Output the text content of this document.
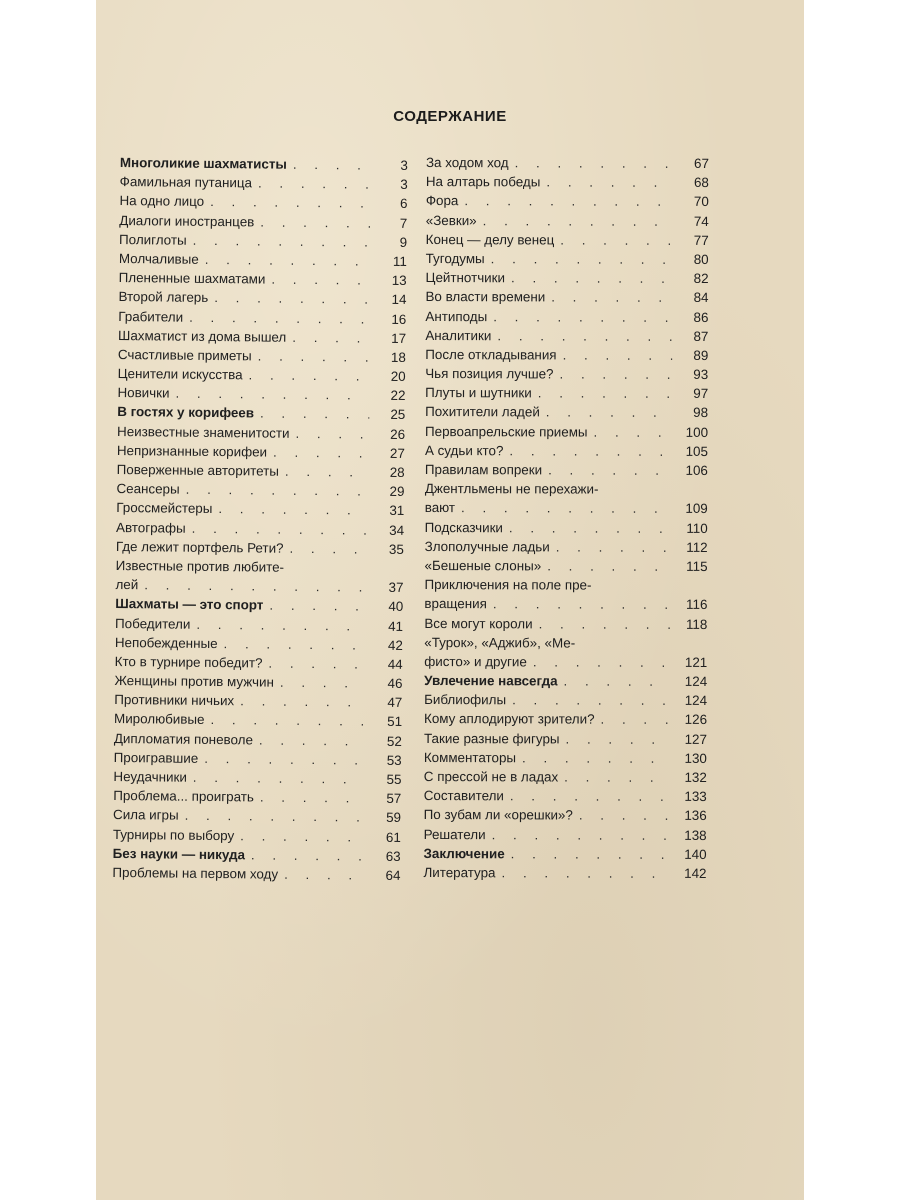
СОДЕРЖАНИЕ
Многоликие шахматисты . . .	3
Фамильная путаница . . .	3
На одно лицо . . .	6
Диалоги иностранцев . . .	7
Полиглоты . . .	9
Молчаливые . . .	11
Плененные шахматами . . .	13
Второй лагерь . . .	14
Грабители . . .	16
Шахматист из дома вышел . . .	17
Счастливые приметы . . .	18
Ценители искусства . . .	20
Новички . . .	22
В гостях у корифеев . . .	25
Неизвестные знаменитости . . .	26
Непризнанные корифеи . . .	27
Поверженные авторитеты . . .	28
Сеансеры . . .	29
Гроссмейстеры . . .	31
Автографы . . .	34
Где лежит портфель Рети? . . .	35
Известные против любите-
лей . . .	37
Шахматы — это спорт . . .	40
Победители . . .	41
Непобежденные . . .	42
Кто в турнире победит? . . .	44
Женщины против мужчин . . .	46
Противники ничьих . . .	47
Миролюбивые . . .	51
Дипломатия поневоле . . .	52
Проигравшие . . .	53
Неудачники . . .	55
Проблема... проиграть . . .	57
Сила игры . . .	59
Турниры по выбору . . .	61
Без науки — никуда . . .	63
Проблемы на первом ходу . . .	64
За ходом ход . . .	67
На алтарь победы . . .	68
Фора . . .	70
«Зевки» . . .	74
Конец — делу венец . . .	77
Тугодумы . . .	80
Цейтнотчики . . .	82
Во власти времени . . .	84
Антиподы . . .	86
Аналитики . . .	87
После откладывания . . .	89
Чья позиция лучше? . . .	93
Плуты и шутники . . .	97
Похитители ладей . . .	98
Первоапрельские приемы . . .	100
А судьи кто? . . .	105
Правилам вопреки . . .	106
Джентльмены не перехажи-
вают . . .	109
Подсказчики . . .	110
Злополучные ладьи . . .	112
«Бешеные слоны» . . .	115
Приключения на поле пре-
вращения . . .	116
Все могут короли . . .	118
«Турок», «Аджиб», «Ме-
фисто» и другие . . .	121
Увлечение навсегда . . .	124
Библиофилы . . .	124
Кому аплодируют зрители? . . .	126
Такие разные фигуры . . .	127
Комментаторы . . .	130
С прессой не в ладах . . .	132
Составители . . .	133
По зубам ли «орешки»? . . .	136
Решатели . . .	138
Заключение . . .	140
Литература . . .	142
